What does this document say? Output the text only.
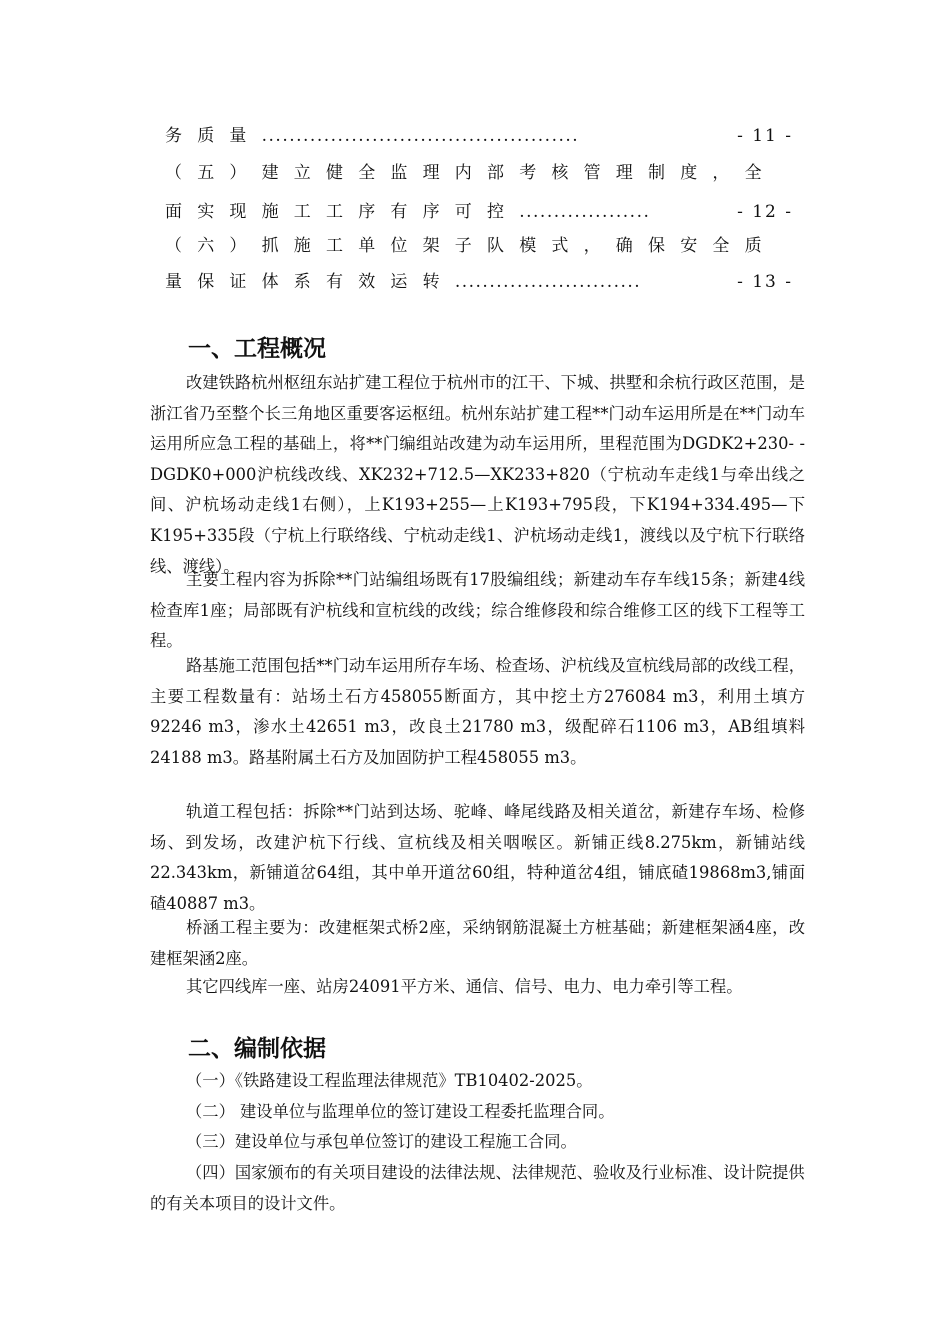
务质量..............................................	- 11 -
（五）建立健全监理内部考核管理制度，全
面实现施工工序有序可控...................	- 12 -
（六）抓施工单位架子队模式，确保安全质
量保证体系有效运转...........................	- 13 -
一、工程概况

改建铁路杭州枢纽东站扩建工程位于杭州市的江干、下城、拱墅和余杭行政区范围，是浙江省乃至整个长三角地区重要客运枢纽。杭州东站扩建工程**门动车运用所是在**门动车运用所应急工程的基础上，将**门编组站改建为动车运用所，里程范围为DGDK2+230- -DGDK0+000沪杭线改线、XK232+712.5—XK233+820（宁杭动车走线1与牵出线之间、沪杭场动走线1右侧），上K193+255—上K193+795段，下K194+334.495—下K195+335段（宁杭上行联络线、宁杭动走线1、沪杭场动走线1，渡线以及宁杭下行联络线、渡线）。

主要工程内容为拆除**门站编组场既有17股编组线；新建动车存车线15条；新建4线检查库1座；局部既有沪杭线和宣杭线的改线；综合维修段和综合维修工区的线下工程等工程。

路基施工范围包括**门动车运用所存车场、检查场、沪杭线及宣杭线局部的改线工程，主要工程数量有：站场土石方458055断面方，其中挖土方276084 m3，利用土填方92246 m3，渗水土42651 m3，改良土21780 m3，级配碎石1106 m3，AB组填料24188 m3。路基附属土石方及加固防护工程458055 m3。

轨道工程包括：拆除**门站到达场、驼峰、峰尾线路及相关道岔，新建存车场、检修场、到发场，改建沪杭下行线、宣杭线及相关咽喉区。新铺正线8.275km，新铺站线22.343km，新铺道岔64组，其中单开道岔60组，特种道岔4组，铺底碴19868m3,铺面碴40887 m3。

桥涵工程主要为：改建框架式桥2座，采纳钢筋混凝土方桩基础；新建框架涵4座，改建框架涵2座。

其它四线库一座、站房24091平方米、通信、信号、电力、电力牵引等工程。

二、编制依据

（一）《铁路建设工程监理法律规范》TB10402-2025。

（二） 建设单位与监理单位的签订建设工程委托监理合同。

（三）建设单位与承包单位签订的建设工程施工合同。

（四）国家颁布的有关项目建设的法律法规、法律规范、验收及行业标准、设计院提供的有关本项目的设计文件。
